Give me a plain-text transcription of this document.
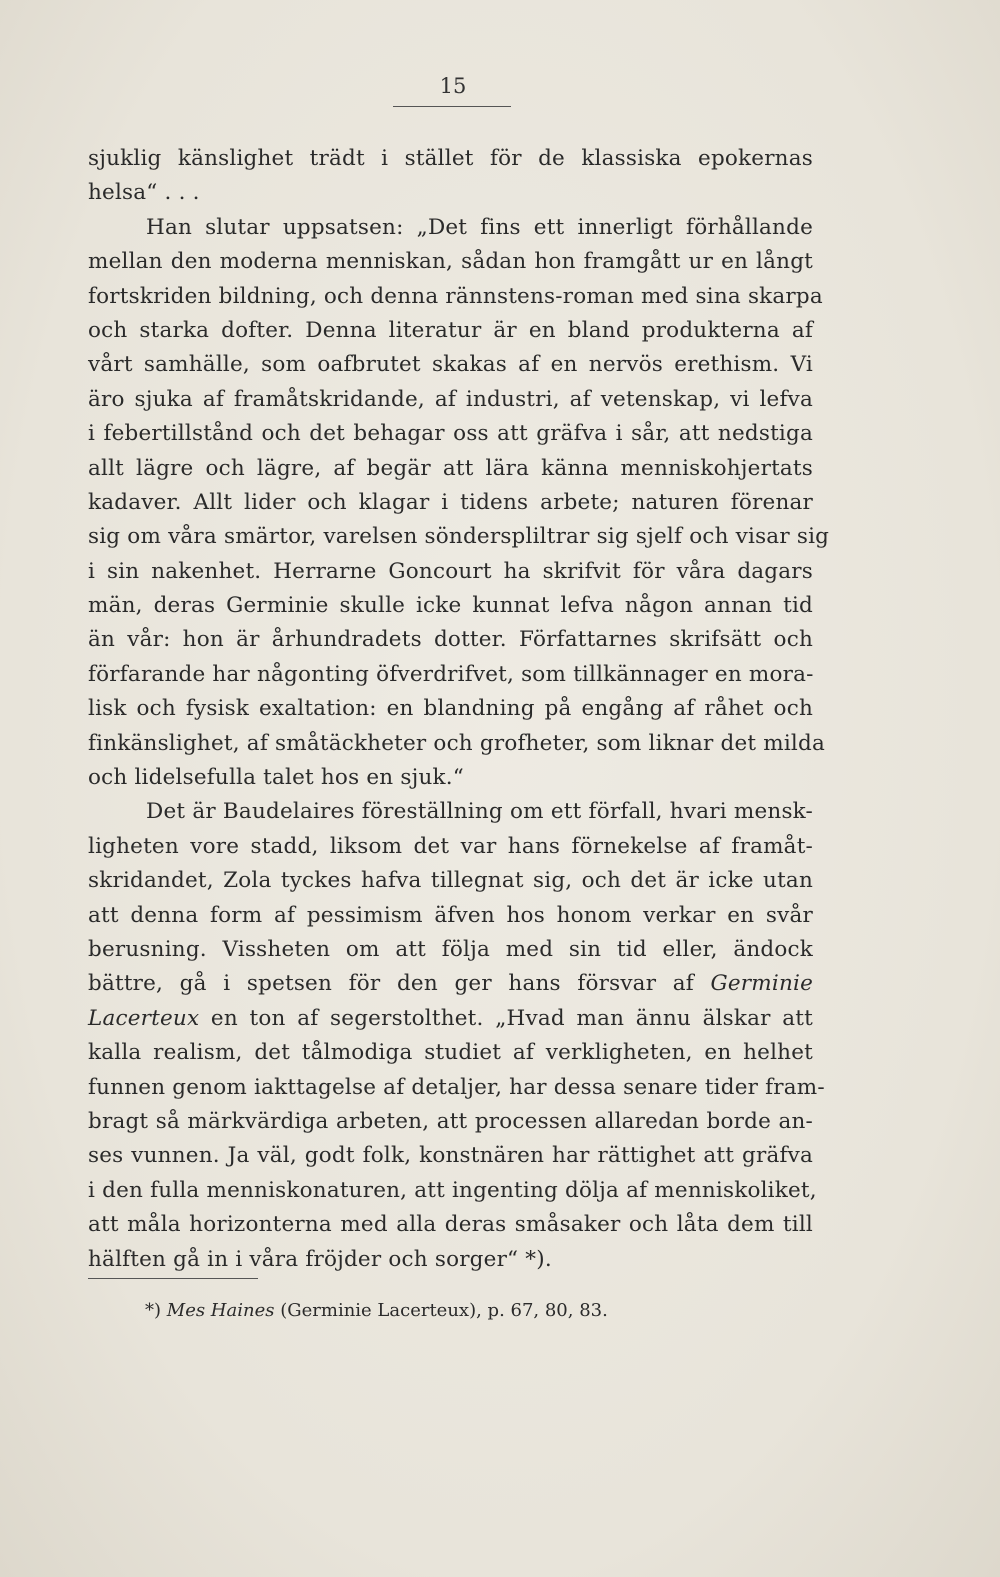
15
sjuklig känslighet trädt i stället för de klassiska epokernas
helsa“ . . .
Han slutar uppsatsen: „Det fins ett innerligt förhållande
mellan den moderna menniskan, sådan hon framgått ur en långt
fortskriden bildning, och denna rännstens-roman med sina skarpa
och starka dofter. Denna literatur är en bland produkterna af
vårt samhälle, som oafbrutet skakas af en nervös erethism. Vi
äro sjuka af framåtskridande, af industri, af vetenskap, vi lefva
i febertillstånd och det behagar oss att gräfva i sår, att nedstiga
allt lägre och lägre, af begär att lära känna menniskohjertats
kadaver. Allt lider och klagar i tidens arbete; naturen förenar
sig om våra smärtor, varelsen sönderspliltrar sig sjelf och visar sig
i sin nakenhet. Herrarne Goncourt ha skrifvit för våra dagars
män, deras Germinie skulle icke kunnat lefva någon annan tid
än vår: hon är århundradets dotter. Författarnes skrifsätt och
förfarande har någonting öfverdrifvet, som tillkännager en mora-
lisk och fysisk exaltation: en blandning på engång af råhet och
finkänslighet, af småtäckheter och grofheter, som liknar det milda
och lidelsefulla talet hos en sjuk.“
Det är Baudelaires föreställning om ett förfall, hvari mensk-
ligheten vore stadd, liksom det var hans förnekelse af framåt-
skridandet, Zola tyckes hafva tillegnat sig, och det är icke utan
att denna form af pessimism äfven hos honom verkar en svår
berusning. Vissheten om att följa med sin tid eller, ändock
bättre, gå i spetsen för den ger hans försvar af Germinie
Lacerteux en ton af segerstolthet. „Hvad man ännu älskar att
kalla realism, det tålmodiga studiet af verkligheten, en helhet
funnen genom iakttagelse af detaljer, har dessa senare tider fram-
bragt så märkvärdiga arbeten, att processen allaredan borde an-
ses vunnen. Ja väl, godt folk, konstnären har rättighet att gräfva
i den fulla menniskonaturen, att ingenting dölja af menniskoliket,
att måla horizonterna med alla deras småsaker och låta dem till
hälften gå in i våra fröjder och sorger“ *).
*) Mes Haines (Germinie Lacerteux), p. 67, 80, 83.
